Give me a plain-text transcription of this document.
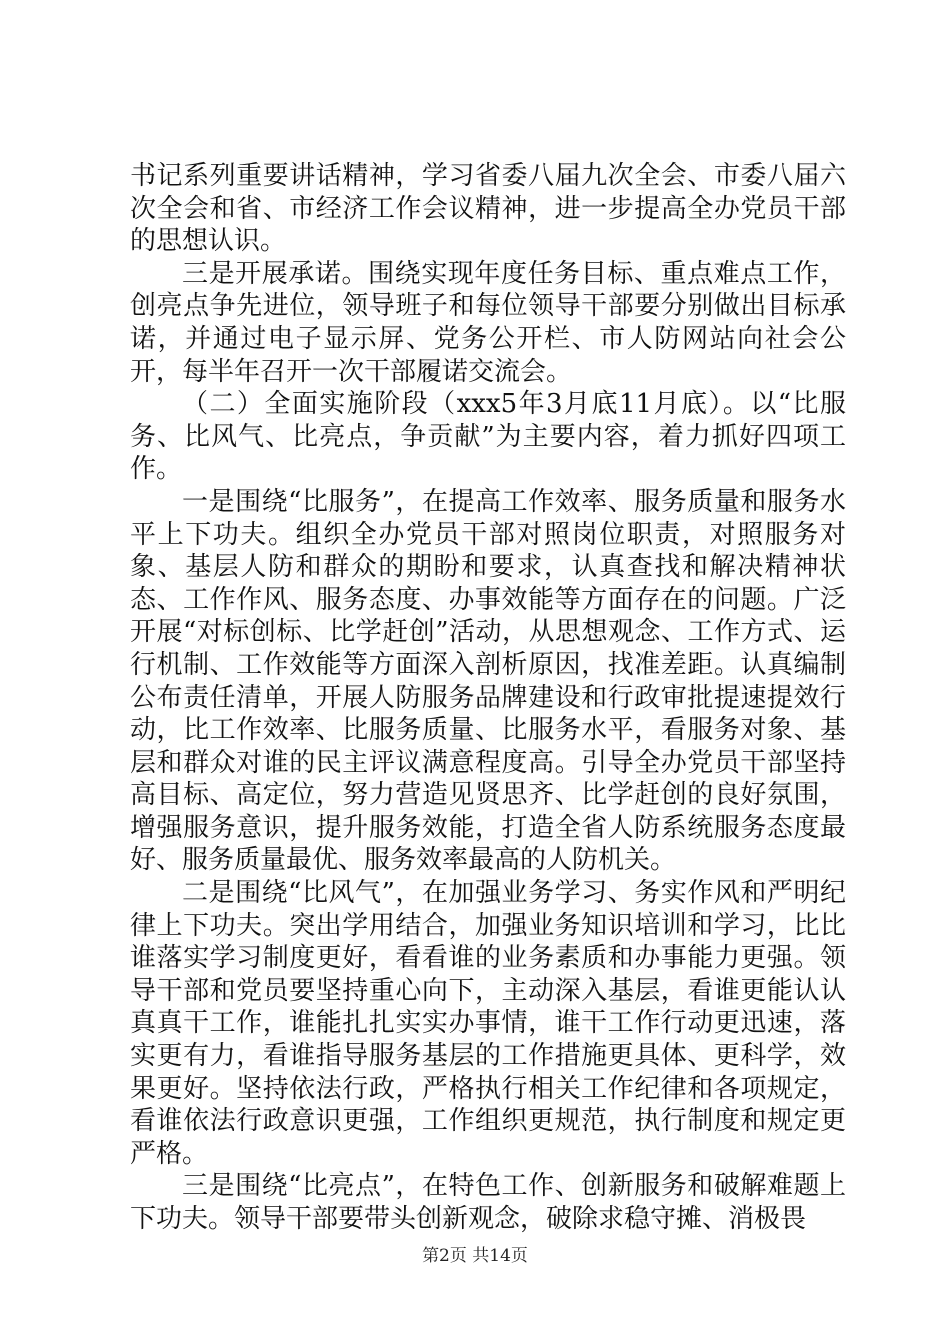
书记系列重要讲话精神，学习省委八届九次全会、市委八届六次全会和省、市经济工作会议精神，进一步提高全办党员干部的思想认识。

三是开展承诺。围绕实现年度任务目标、重点难点工作，创亮点争先进位，领导班子和每位领导干部要分别做出目标承诺，并通过电子显示屏、党务公开栏、市人防网站向社会公开，每半年召开一次干部履诺交流会。

（二）全面实施阶段（xxx5年3月底11月底）。以“比服务、比风气、比亮点，争贡献”为主要内容，着力抓好四项工作。

一是围绕“比服务”，在提高工作效率、服务质量和服务水平上下功夫。组织全办党员干部对照岗位职责，对照服务对象、基层人防和群众的期盼和要求，认真查找和解决精神状态、工作作风、服务态度、办事效能等方面存在的问题。广泛开展“对标创标、比学赶创”活动，从思想观念、工作方式、运行机制、工作效能等方面深入剖析原因，找准差距。认真编制公布责任清单，开展人防服务品牌建设和行政审批提速提效行动，比工作效率、比服务质量、比服务水平，看服务对象、基层和群众对谁的民主评议满意程度高。引导全办党员干部坚持高目标、高定位，努力营造见贤思齐、比学赶创的良好氛围，增强服务意识，提升服务效能，打造全省人防系统服务态度最好、服务质量最优、服务效率最高的人防机关。

二是围绕“比风气”，在加强业务学习、务实作风和严明纪律上下功夫。突出学用结合，加强业务知识培训和学习，比比谁落实学习制度更好，看看谁的业务素质和办事能力更强。领导干部和党员要坚持重心向下，主动深入基层，看谁更能认认真真干工作，谁能扎扎实实办事情，谁干工作行动更迅速，落实更有力，看谁指导服务基层的工作措施更具体、更科学，效果更好。坚持依法行政，严格执行相关工作纪律和各项规定，看谁依法行政意识更强，工作组织更规范，执行制度和规定更严格。

三是围绕“比亮点”，在特色工作、创新服务和破解难题上下功夫。领导干部要带头创新观念，破除求稳守摊、消极畏

第2页 共14页
